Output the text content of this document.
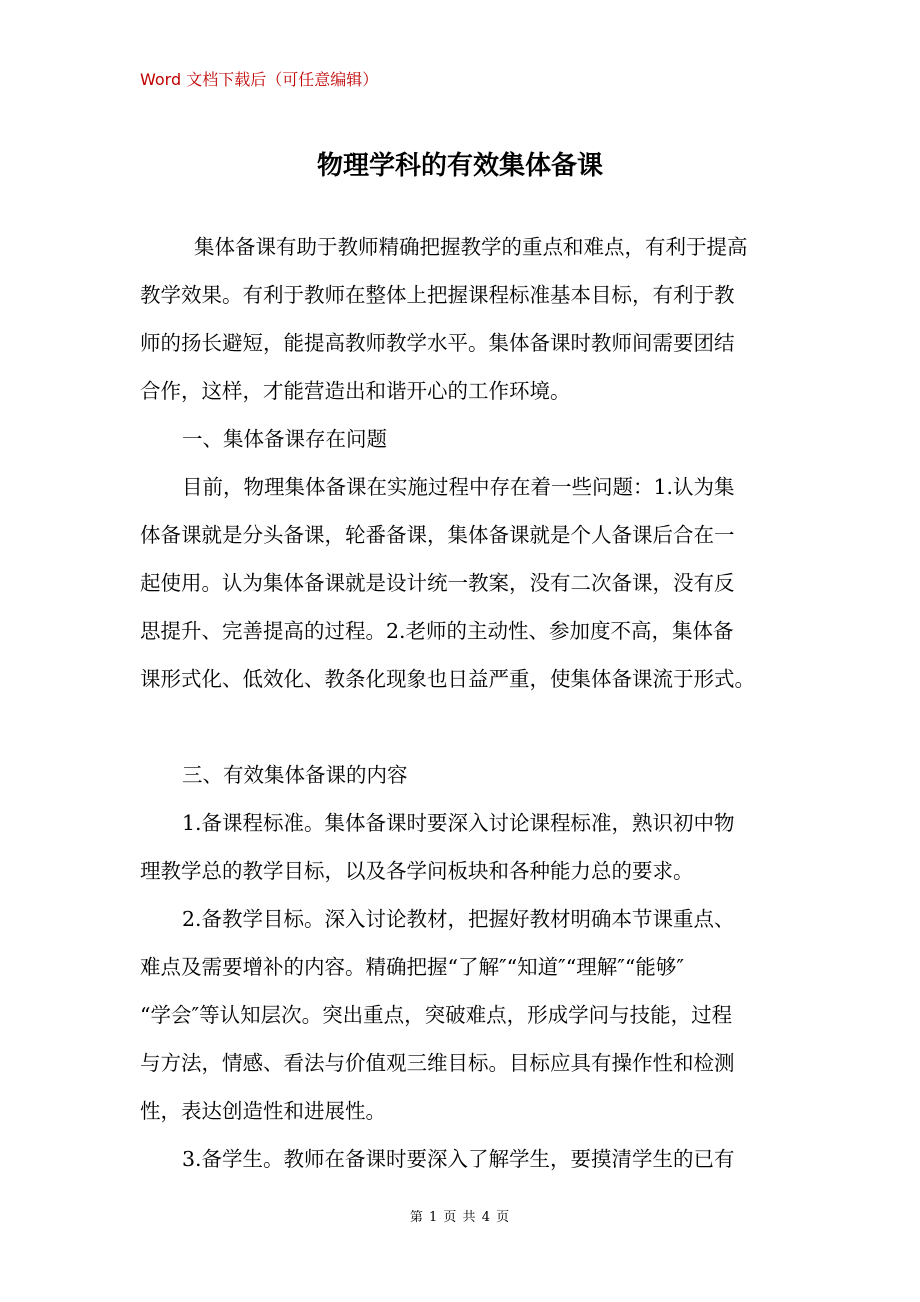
Word 文档下载后（可任意编辑）
物理学科的有效集体备课
集体备课有助于教师精确把握教学的重点和难点，有利于提高
教学效果。有利于教师在整体上把握课程标准基本目标，有利于教
师的扬长避短，能提高教师教学水平。集体备课时教师间需要团结
合作，这样，才能营造出和谐开心的工作环境。
一、集体备课存在问题
目前，物理集体备课在实施过程中存在着一些问题：1.认为集
体备课就是分头备课，轮番备课，集体备课就是个人备课后合在一
起使用。认为集体备课就是设计统一教案，没有二次备课，没有反
思提升、完善提高的过程。2.老师的主动性、参加度不高，集体备
课形式化、低效化、教条化现象也日益严重，使集体备课流于形式。
三、有效集体备课的内容
1.备课程标准。集体备课时要深入讨论课程标准，熟识初中物
理教学总的教学目标，以及各学问板块和各种能力总的要求。
2.备教学目标。深入讨论教材，把握好教材明确本节课重点、
难点及需要增补的内容。精确把握“了解″“知道″“理解″“能够″
“学会″等认知层次。突出重点，突破难点，形成学问与技能，过程
与方法，情感、看法与价值观三维目标。目标应具有操作性和检测
性，表达创造性和进展性。
3.备学生。教师在备课时要深入了解学生，要摸清学生的已有
第 1 页 共 4 页
